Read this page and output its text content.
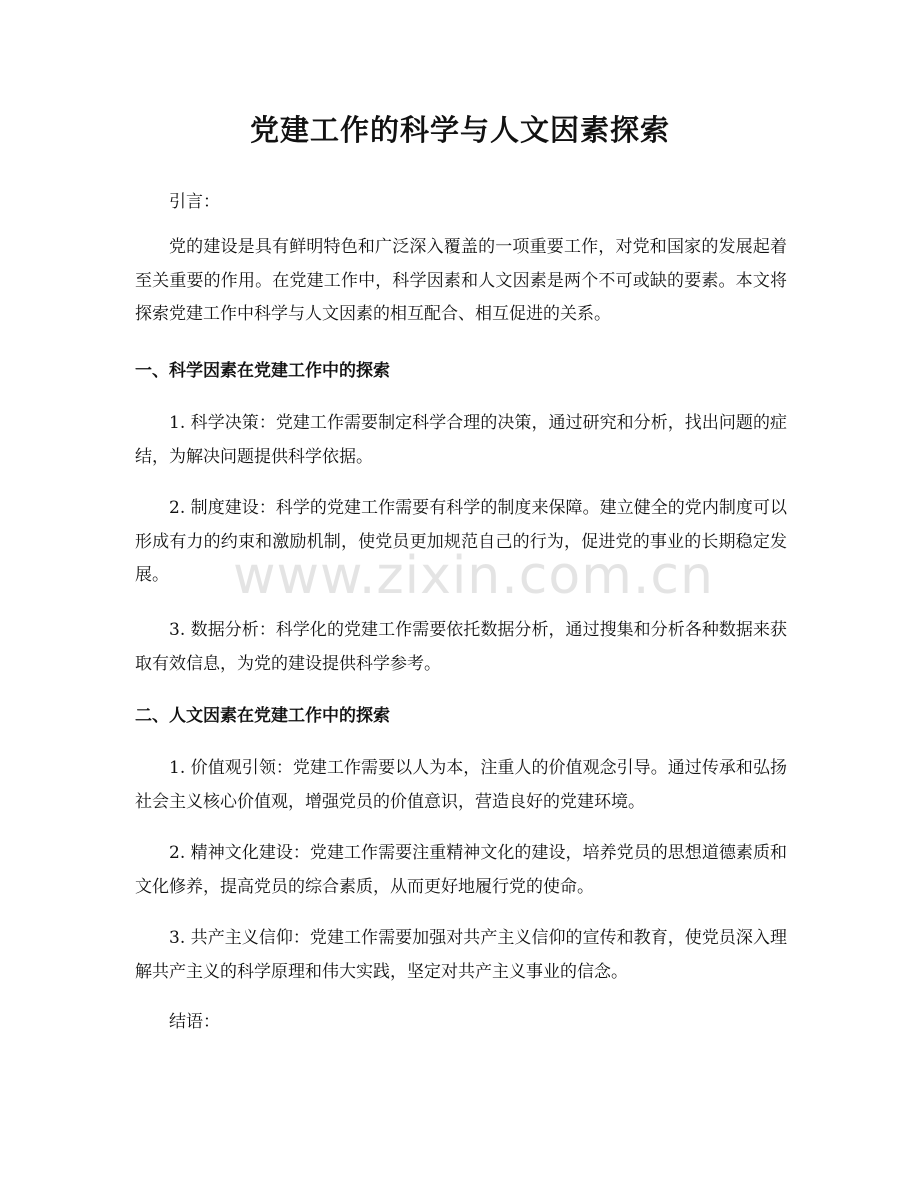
党建工作的科学与人文因素探索

引言：

党的建设是具有鲜明特色和广泛深入覆盖的一项重要工作，对党和国家的发展起着至关重要的作用。在党建工作中，科学因素和人文因素是两个不可或缺的要素。本文将探索党建工作中科学与人文因素的相互配合、相互促进的关系。

一、科学因素在党建工作中的探索

1. 科学决策：党建工作需要制定科学合理的决策，通过研究和分析，找出问题的症结，为解决问题提供科学依据。

2. 制度建设：科学的党建工作需要有科学的制度来保障。建立健全的党内制度可以形成有力的约束和激励机制，使党员更加规范自己的行为，促进党的事业的长期稳定发展。

3. 数据分析：科学化的党建工作需要依托数据分析，通过搜集和分析各种数据来获取有效信息，为党的建设提供科学参考。

二、人文因素在党建工作中的探索

1. 价值观引领：党建工作需要以人为本，注重人的价值观念引导。通过传承和弘扬社会主义核心价值观，增强党员的价值意识，营造良好的党建环境。

2. 精神文化建设：党建工作需要注重精神文化的建设，培养党员的思想道德素质和文化修养，提高党员的综合素质，从而更好地履行党的使命。

3. 共产主义信仰：党建工作需要加强对共产主义信仰的宣传和教育，使党员深入理解共产主义的科学原理和伟大实践，坚定对共产主义事业的信念。

结语：

www.zixin.com.cn
